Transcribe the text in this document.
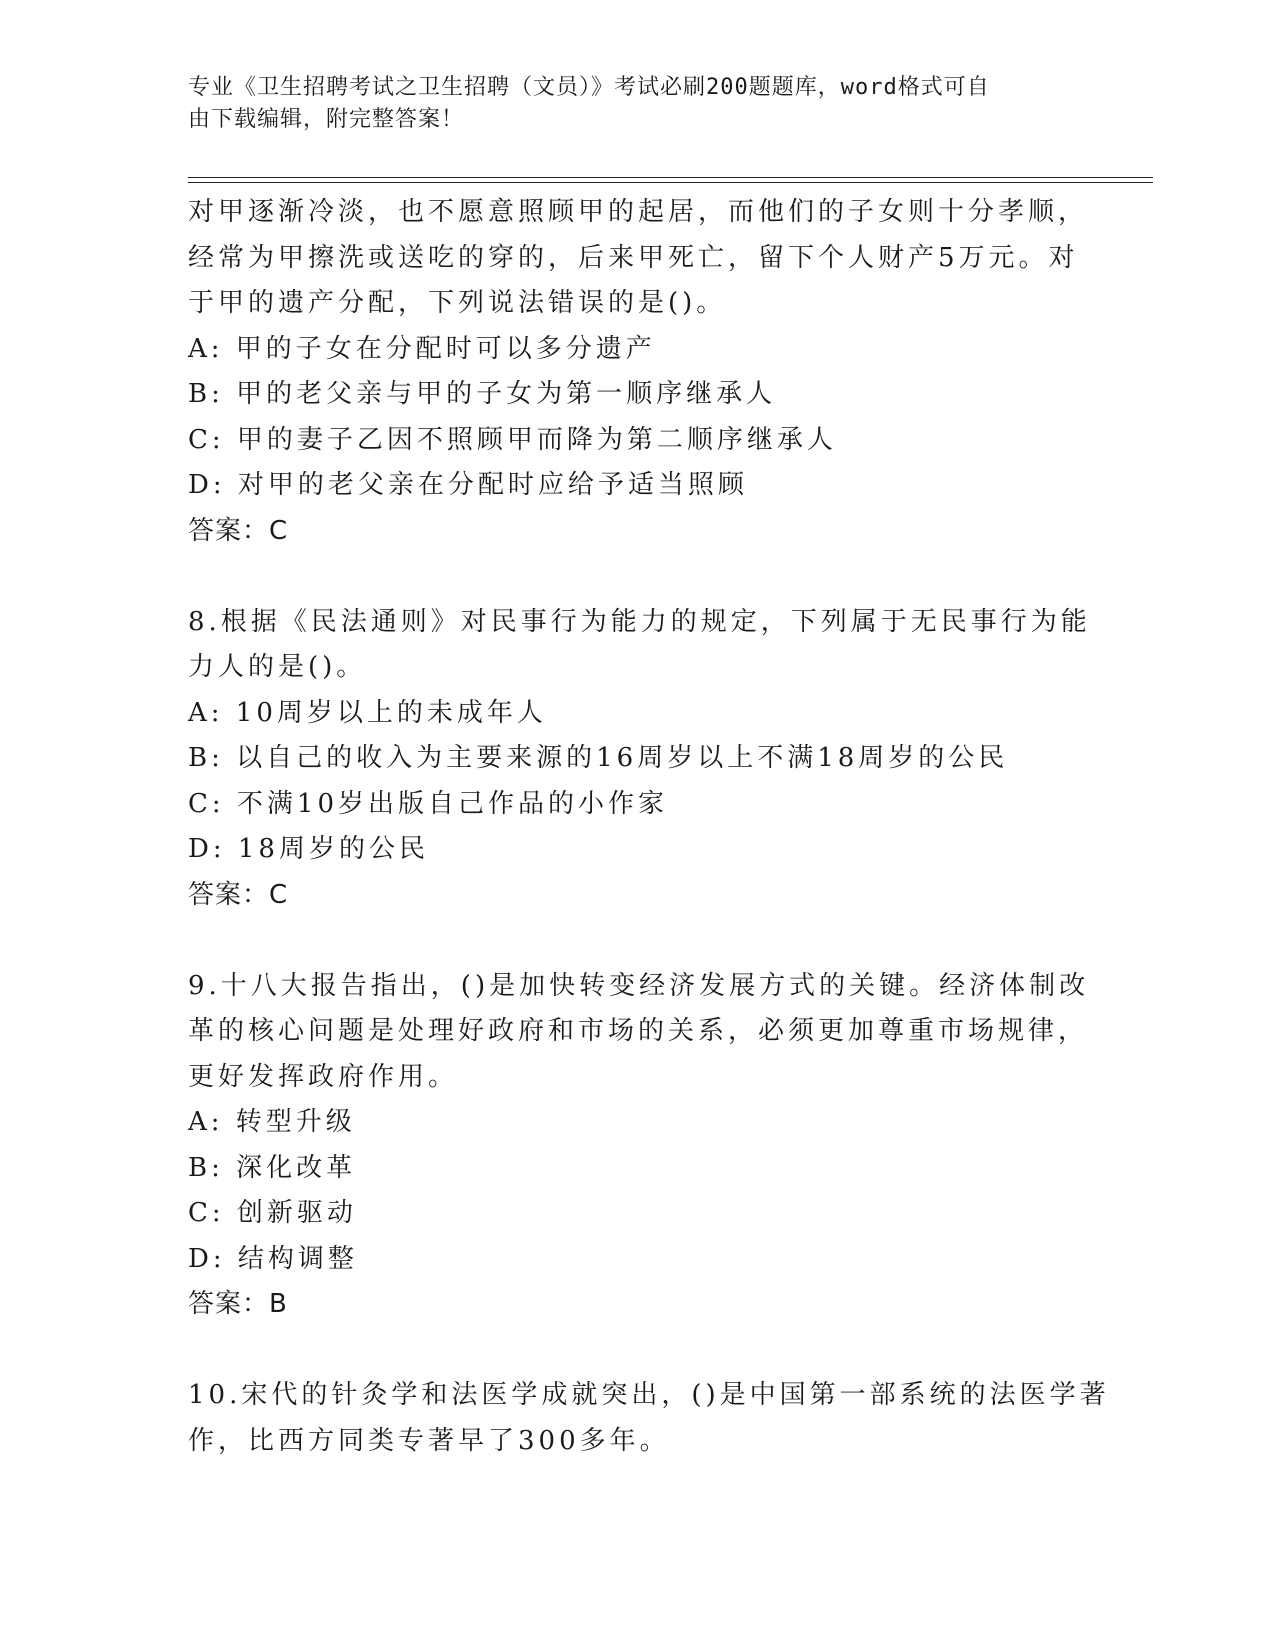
专业《卫生招聘考试之卫生招聘（文员）》考试必刷200题题库，word格式可自
由下载编辑，附完整答案！
对甲逐渐冷淡，也不愿意照顾甲的起居，而他们的子女则十分孝顺，
经常为甲擦洗或送吃的穿的，后来甲死亡，留下个人财产5万元。对
于甲的遗产分配，下列说法错误的是()。
A: 甲的子女在分配时可以多分遗产
B: 甲的老父亲与甲的子女为第一顺序继承人
C: 甲的妻子乙因不照顾甲而降为第二顺序继承人
D: 对甲的老父亲在分配时应给予适当照顾
答案：C
8.根据《民法通则》对民事行为能力的规定，下列属于无民事行为能
力人的是()。
A: 10周岁以上的未成年人
B: 以自己的收入为主要来源的16周岁以上不满18周岁的公民
C: 不满10岁出版自己作品的小作家
D: 18周岁的公民
答案：C
9.十八大报告指出，()是加快转变经济发展方式的关键。经济体制改
革的核心问题是处理好政府和市场的关系，必须更加尊重市场规律，
更好发挥政府作用。
A: 转型升级
B: 深化改革
C: 创新驱动
D: 结构调整
答案：B
10.宋代的针灸学和法医学成就突出，()是中国第一部系统的法医学著
作，比西方同类专著早了300多年。
